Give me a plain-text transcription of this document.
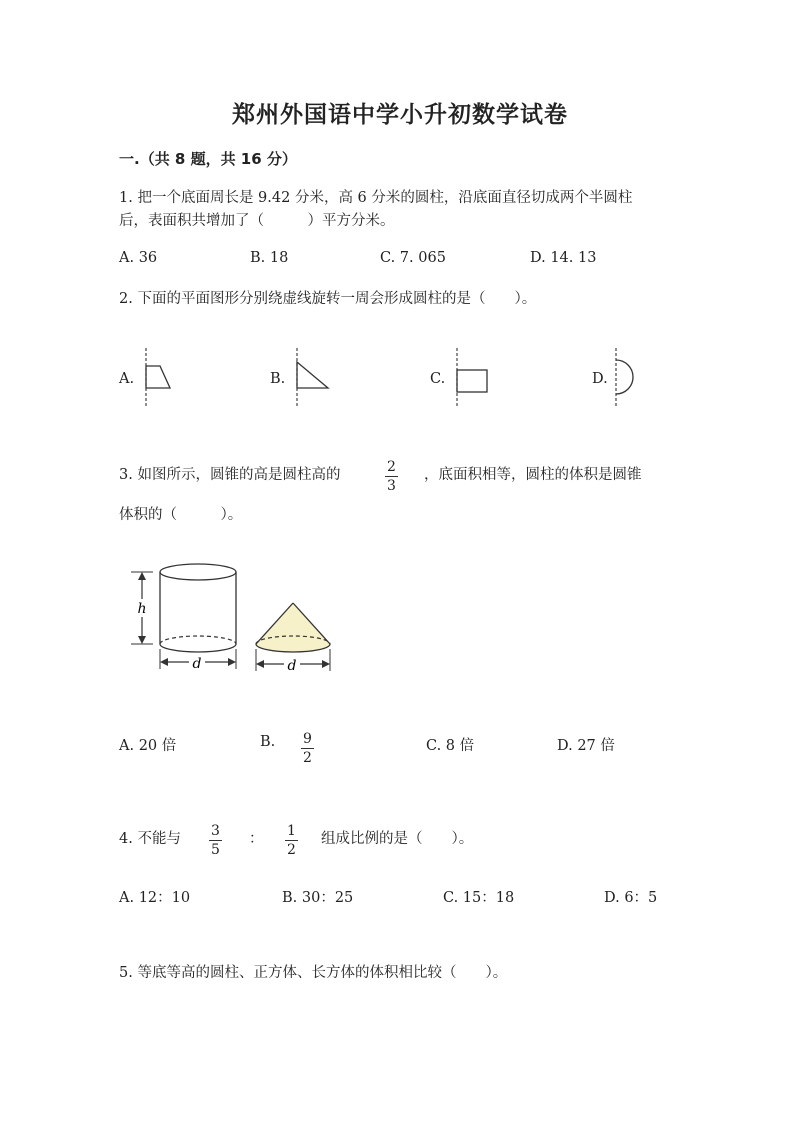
郑州外国语中学小升初数学试卷
一.（共 8 题，共 16 分）
1. 把一个底面周长是 9.42 分米，高 6 分米的圆柱，沿底面直径切成两个半圆柱
后，表面积共增加了（　　　）平方分米。
A. 36	B. 18	C. 7. 065	D. 14. 13
2. 下面的平面图形分别绕虚线旋转一周会形成圆柱的是（　　）。
A.	B.	C.	D.
3. 如图所示，圆锥的高是圆柱高的	2
3
，底面积相等，圆柱的体积是圆锥
体积的（　　　）。
h
d	d
A. 20 倍	B. 9
2
C. 8 倍	D. 27 倍
4. 不能与 3
5
： 1
2
组成比例的是（　　）。
A. 12：10	B. 30：25	C. 15：18	D. 6：5
5. 等底等高的圆柱、正方体、长方体的体积相比较（　　）。
